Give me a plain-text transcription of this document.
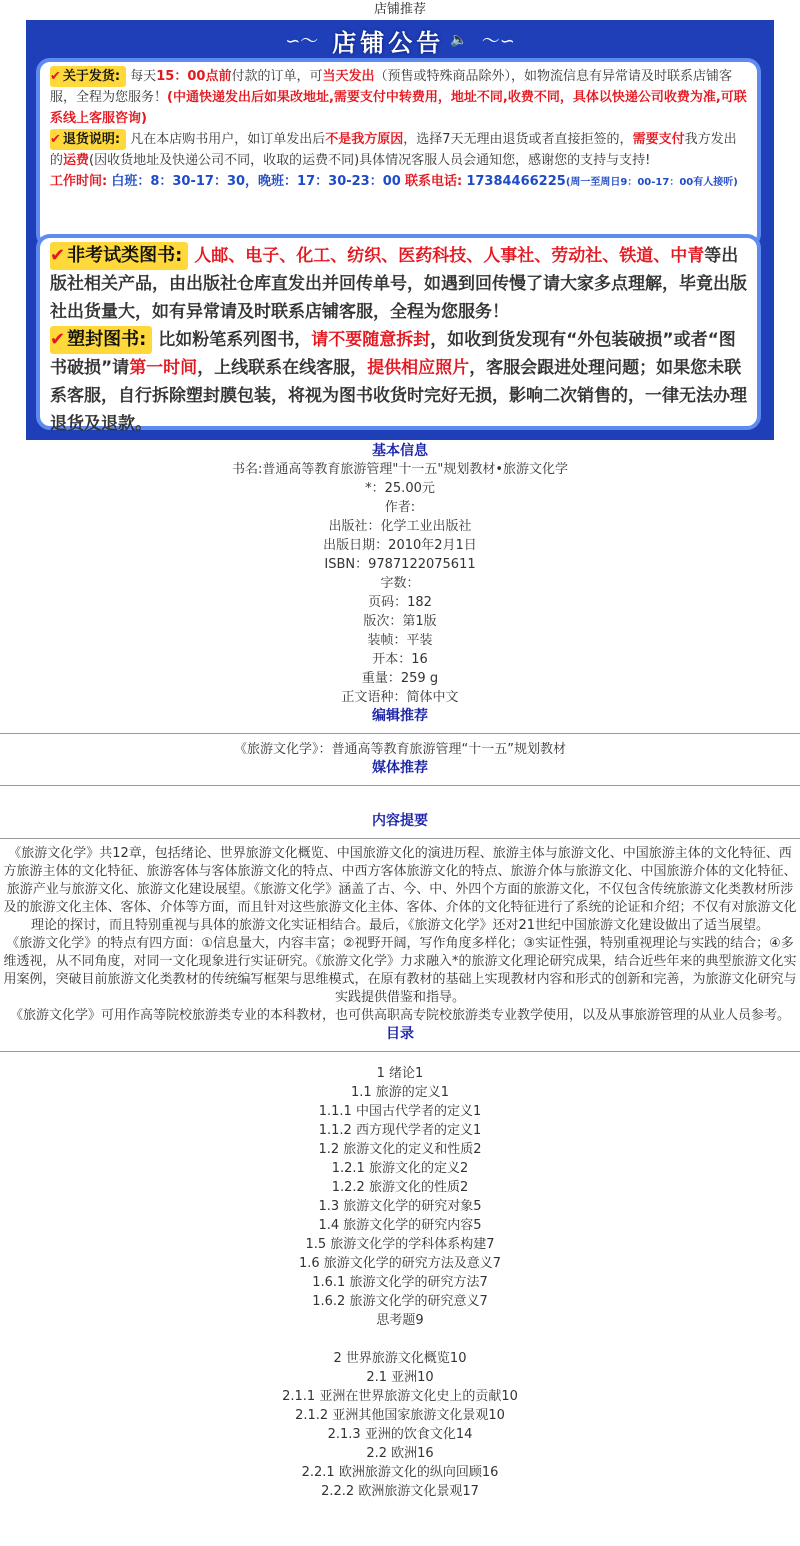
店铺推荐
∽〜 店铺公告 🔈 〜∽
✔ 关于发货: 每天15：00点前付款的订单，可当天发出（预售或特殊商品除外），如物流信息有异常请及时联系店铺客服，全程为您服务！(中通快递发出后如果改地址,需要支付中转费用，地址不同,收费不同，具体以快递公司收费为准,可联系线上客服咨询)
✔ 退货说明: 凡在本店购书用户，如订单发出后不是我方原因，选择7天无理由退货或者直接拒签的，需要支付我方发出的运费(因收货地址及快递公司不同，收取的运费不同)具体情况客服人员会通知您，感谢您的支持与支持!
工作时间: 白班：8：30-17：30，晚班：17：30-23：00 联系电话: 17384466225(周一至周日9：00-17：00有人接听)
✔ 非考试类图书: 人邮、电子、化工、纺织、医药科技、人事社、劳动社、铁道、中青等出版社相关产品，由出版社仓库直发出并回传单号，如遇到回传慢了请大家多点理解，毕竟出版社出货量大，如有异常请及时联系店铺客服，全程为您服务！
✔ 塑封图书: 比如粉笔系列图书，请不要随意拆封，如收到货发现有“外包装破损”或者“图书破损”请第一时间，上线联系在线客服，提供相应照片，客服会跟进处理问题；如果您未联系客服，自行拆除塑封膜包装，将视为图书收货时完好无损，影响二次销售的，一律无法办理退货及退款。
基本信息
书名:普通高等教育旅游管理"十一五"规划教材•旅游文化学
*：25.00元
作者:
出版社：化学工业出版社
出版日期：2010年2月1日
ISBN：9787122075611
字数：
页码：182
版次：第1版
装帧：平装
开本：16
重量：259 g
正文语种：简体中文
编辑推荐
《旅游文化学》：普通高等教育旅游管理“十一五”规划教材
媒体推荐
内容提要
《旅游文化学》共12章，包括绪论、世界旅游文化概览、中国旅游文化的演进历程、旅游主体与旅游文化、中国旅游主体的文化特征、西方旅游主体的文化特征、旅游客体与客体旅游文化的特点、中西方客体旅游文化的特点、旅游介体与旅游文化、中国旅游介体的文化特征、旅游产业与旅游文化、旅游文化建设展望。《旅游文化学》涵盖了古、今、中、外四个方面的旅游文化，不仅包含传统旅游文化类教材所涉及的旅游文化主体、客体、介体等方面，而且针对这些旅游文化主体、客体、介体的文化特征进行了系统的论证和介绍；不仅有对旅游文化理论的探讨，而且特别重视与具体的旅游文化实证相结合。最后，《旅游文化学》还对21世纪中国旅游文化建设做出了适当展望。
《旅游文化学》的特点有四方面：①信息量大，内容丰富；②视野开阔，写作角度多样化；③实证性强，特别重视理论与实践的结合；④多维透视，从不同角度，对同一文化现象进行实证研究。《旅游文化学》力求融入*的旅游文化理论研究成果，结合近些年来的典型旅游文化实用案例，突破目前旅游文化类教材的传统编写框架与思维模式，在原有教材的基础上实现教材内容和形式的创新和完善，为旅游文化研究与实践提供借鉴和指导。
《旅游文化学》可用作高等院校旅游类专业的本科教材，也可供高职高专院校旅游类专业教学使用，以及从事旅游管理的从业人员参考。
目录
1 绪论1
1.1 旅游的定义1
1.1.1 中国古代学者的定义1
1.1.2 西方现代学者的定义1
1.2 旅游文化的定义和性质2
1.2.1 旅游文化的定义2
1.2.2 旅游文化的性质2
1.3 旅游文化学的研究对象5
1.4 旅游文化学的研究内容5
1.5 旅游文化学的学科体系构建7
1.6 旅游文化学的研究方法及意义7
1.6.1 旅游文化学的研究方法7
1.6.2 旅游文化学的研究意义7
思考题9
2 世界旅游文化概览10
2.1 亚洲10
2.1.1 亚洲在世界旅游文化史上的贡献10
2.1.2 亚洲其他国家旅游文化景观10
2.1.3 亚洲的饮食文化14
2.2 欧洲16
2.2.1 欧洲旅游文化的纵向回顾16
2.2.2 欧洲旅游文化景观17
